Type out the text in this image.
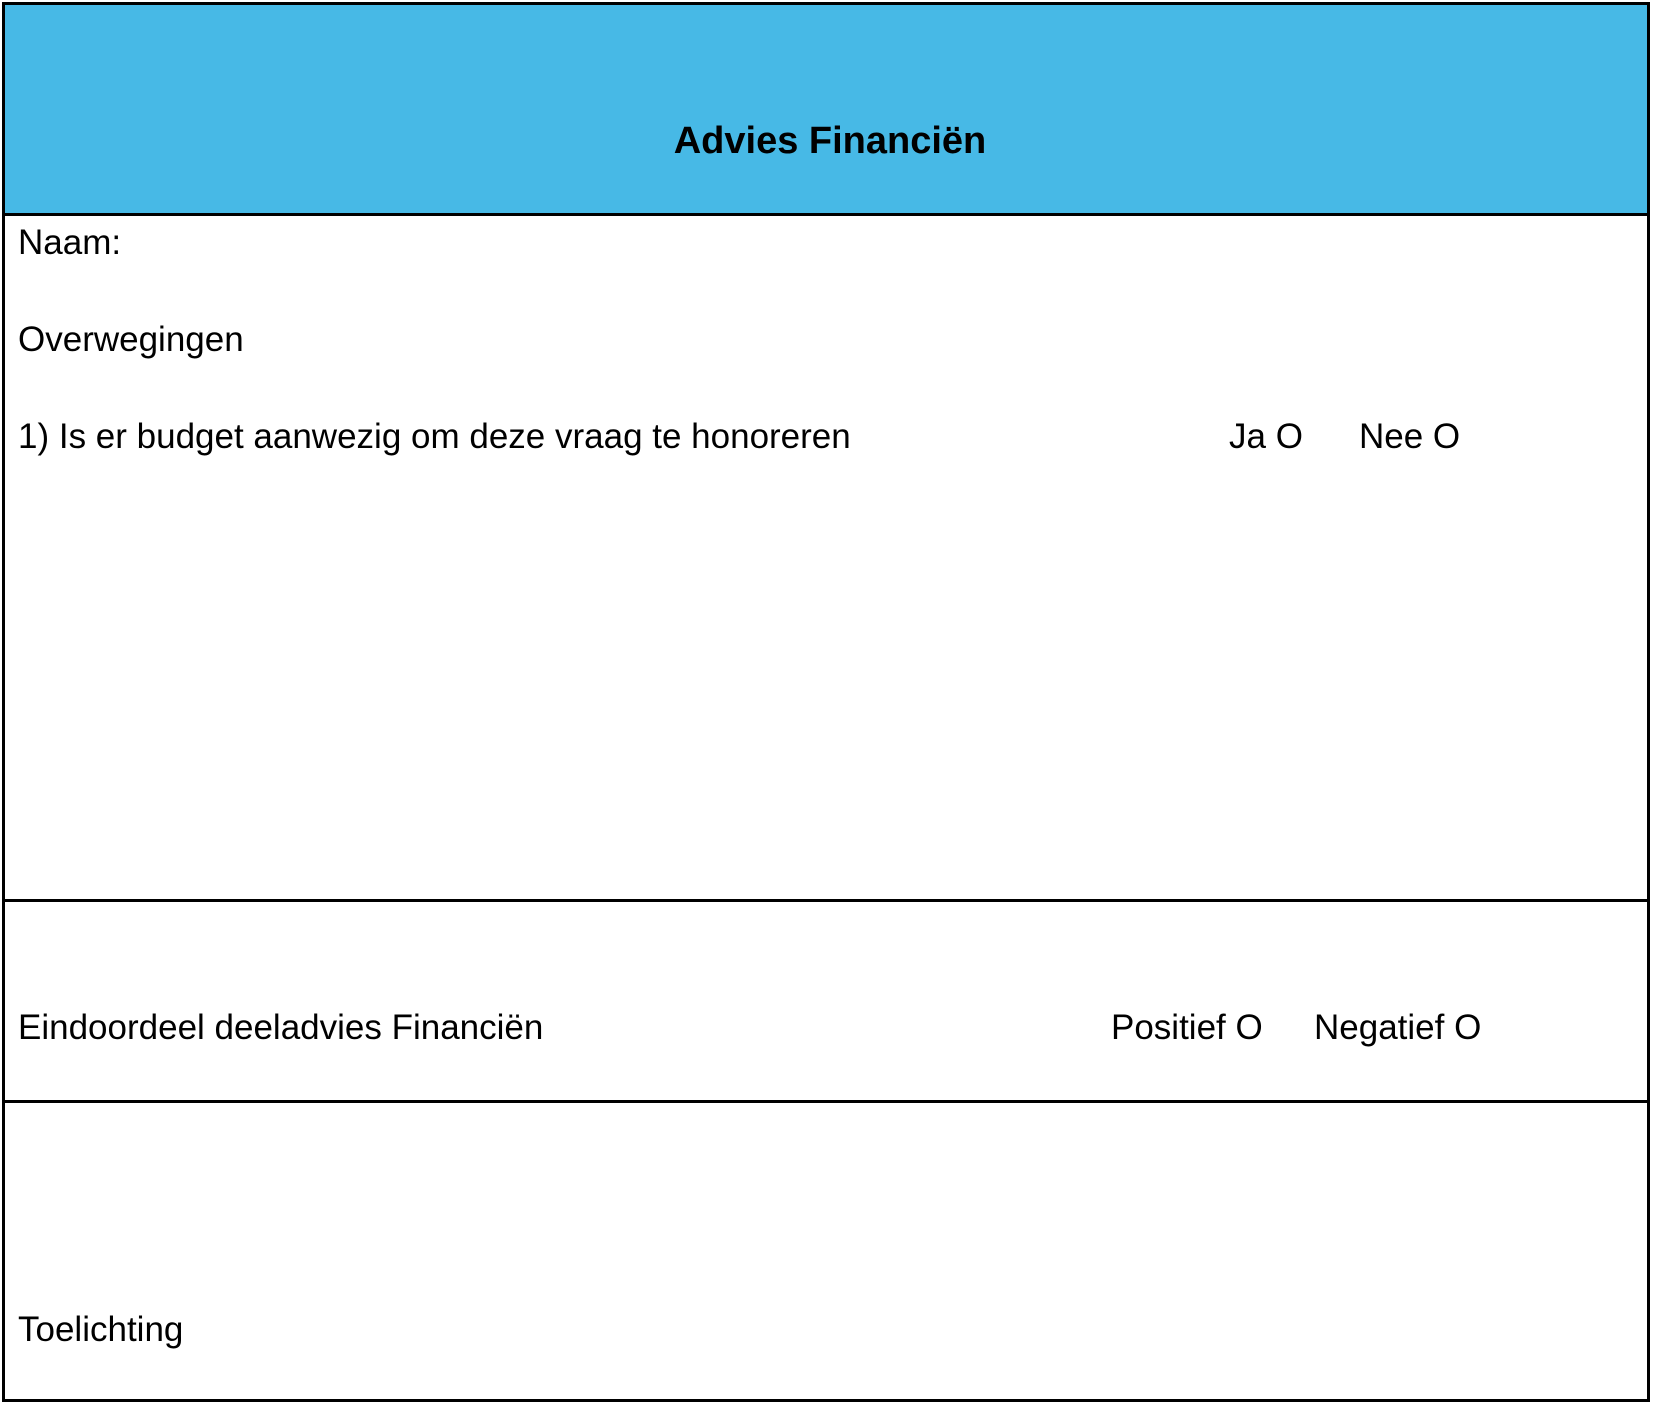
Advies Financiën
Naam:
Overwegingen
1) Is er budget aanwezig om deze vraag te honoreren	Ja O Nee O
Eindoordeel deeladvies Financiën	Positief O Negatief O
Toelichting
